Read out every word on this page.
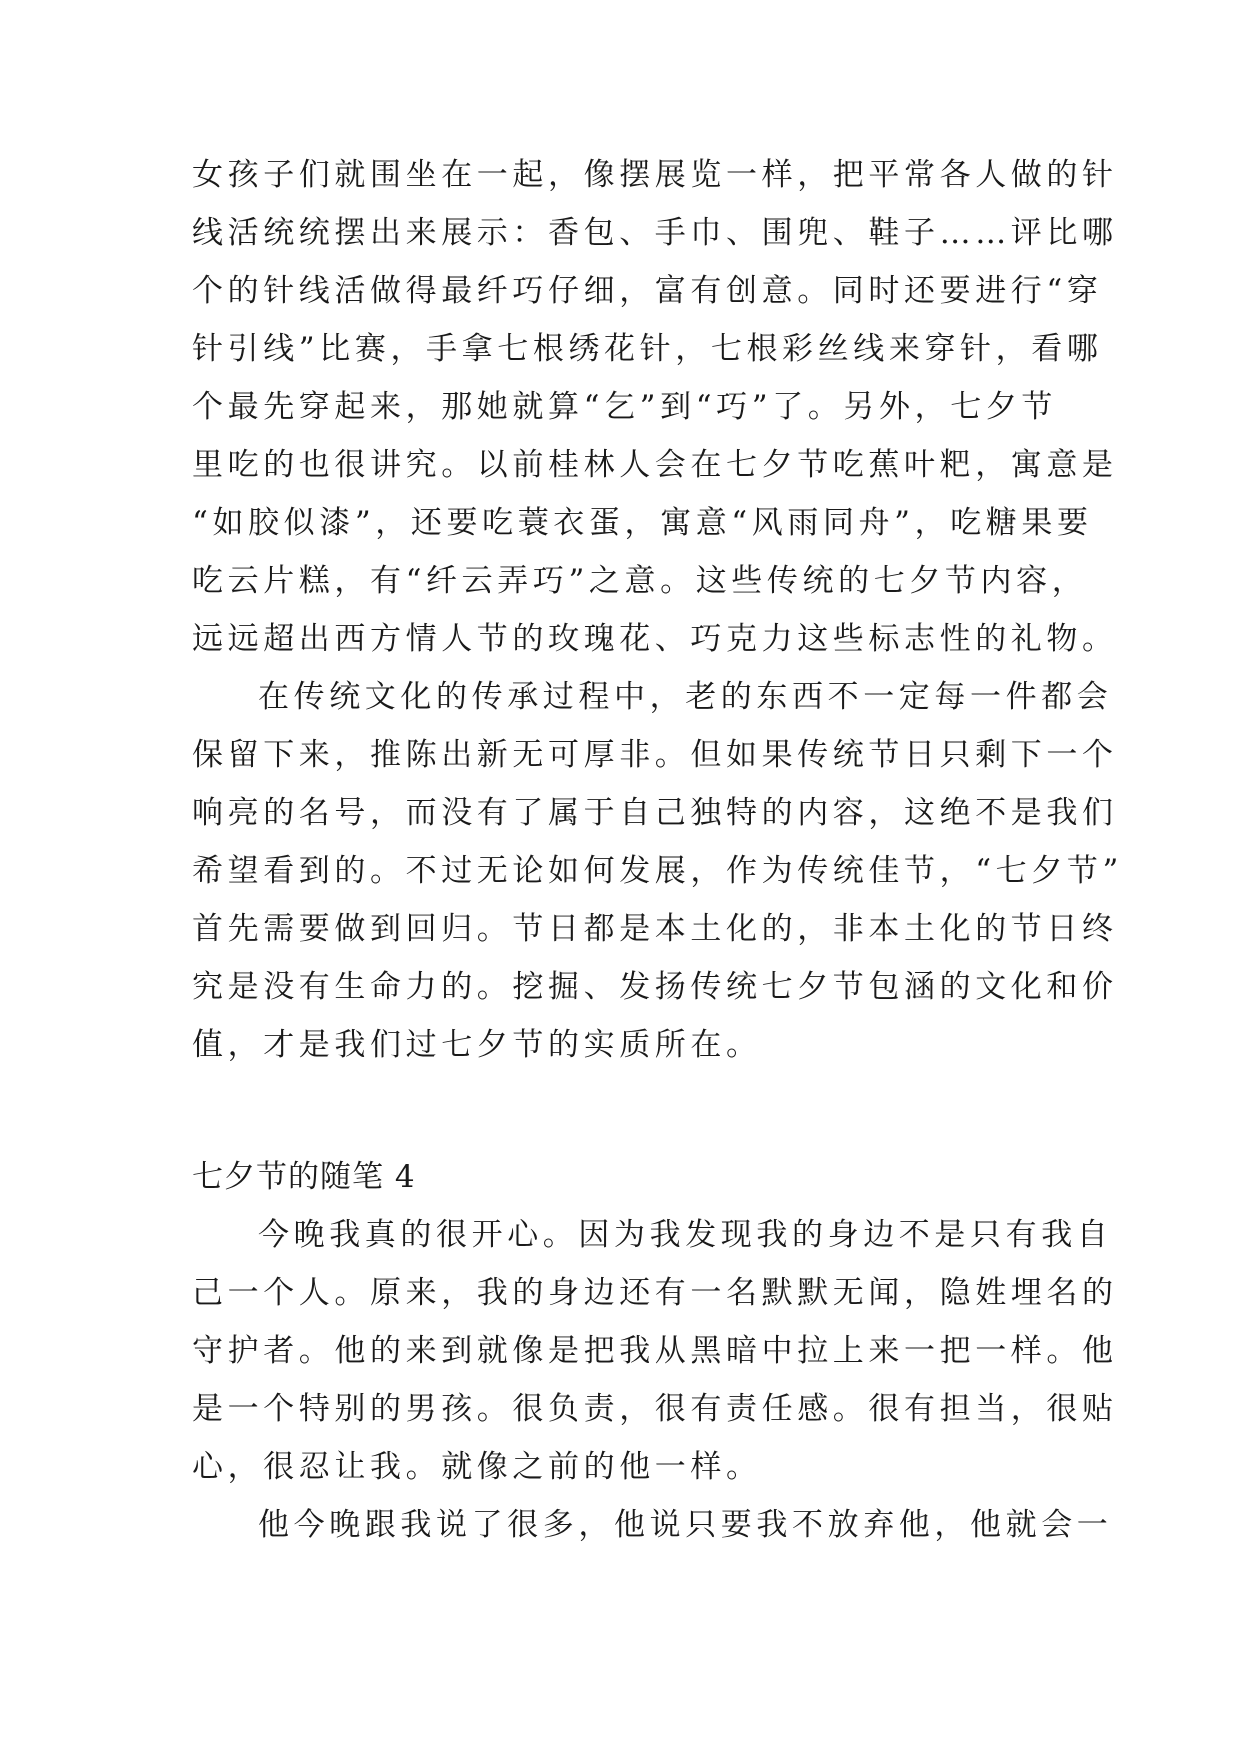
女孩子们就围坐在一起，像摆展览一样，把平常各人做的针
线活统统摆出来展示：香包、手巾、围兜、鞋子……评比哪
个的针线活做得最纤巧仔细，富有创意。同时还要进行“穿
针引线”比赛，手拿七根绣花针，七根彩丝线来穿针，看哪
个最先穿起来，那她就算“乞”到“巧”了。另外，七夕节
里吃的也很讲究。以前桂林人会在七夕节吃蕉叶粑，寓意是
“如胶似漆”，还要吃蓑衣蛋，寓意“风雨同舟”，吃糖果要
吃云片糕，有“纤云弄巧”之意。这些传统的七夕节内容，
远远超出西方情人节的玫瑰花、巧克力这些标志性的礼物。
在传统文化的传承过程中，老的东西不一定每一件都会
保留下来，推陈出新无可厚非。但如果传统节日只剩下一个
响亮的名号，而没有了属于自己独特的内容，这绝不是我们
希望看到的。不过无论如何发展，作为传统佳节，“七夕节”
首先需要做到回归。节日都是本土化的，非本土化的节日终
究是没有生命力的。挖掘、发扬传统七夕节包涵的文化和价
值，才是我们过七夕节的实质所在。
七夕节的随笔 4
今晚我真的很开心。因为我发现我的身边不是只有我自
己一个人。原来，我的身边还有一名默默无闻，隐姓埋名的
守护者。他的来到就像是把我从黑暗中拉上来一把一样。他
是一个特别的男孩。很负责，很有责任感。很有担当，很贴
心，很忍让我。就像之前的他一样。
他今晚跟我说了很多，他说只要我不放弃他，他就会一
